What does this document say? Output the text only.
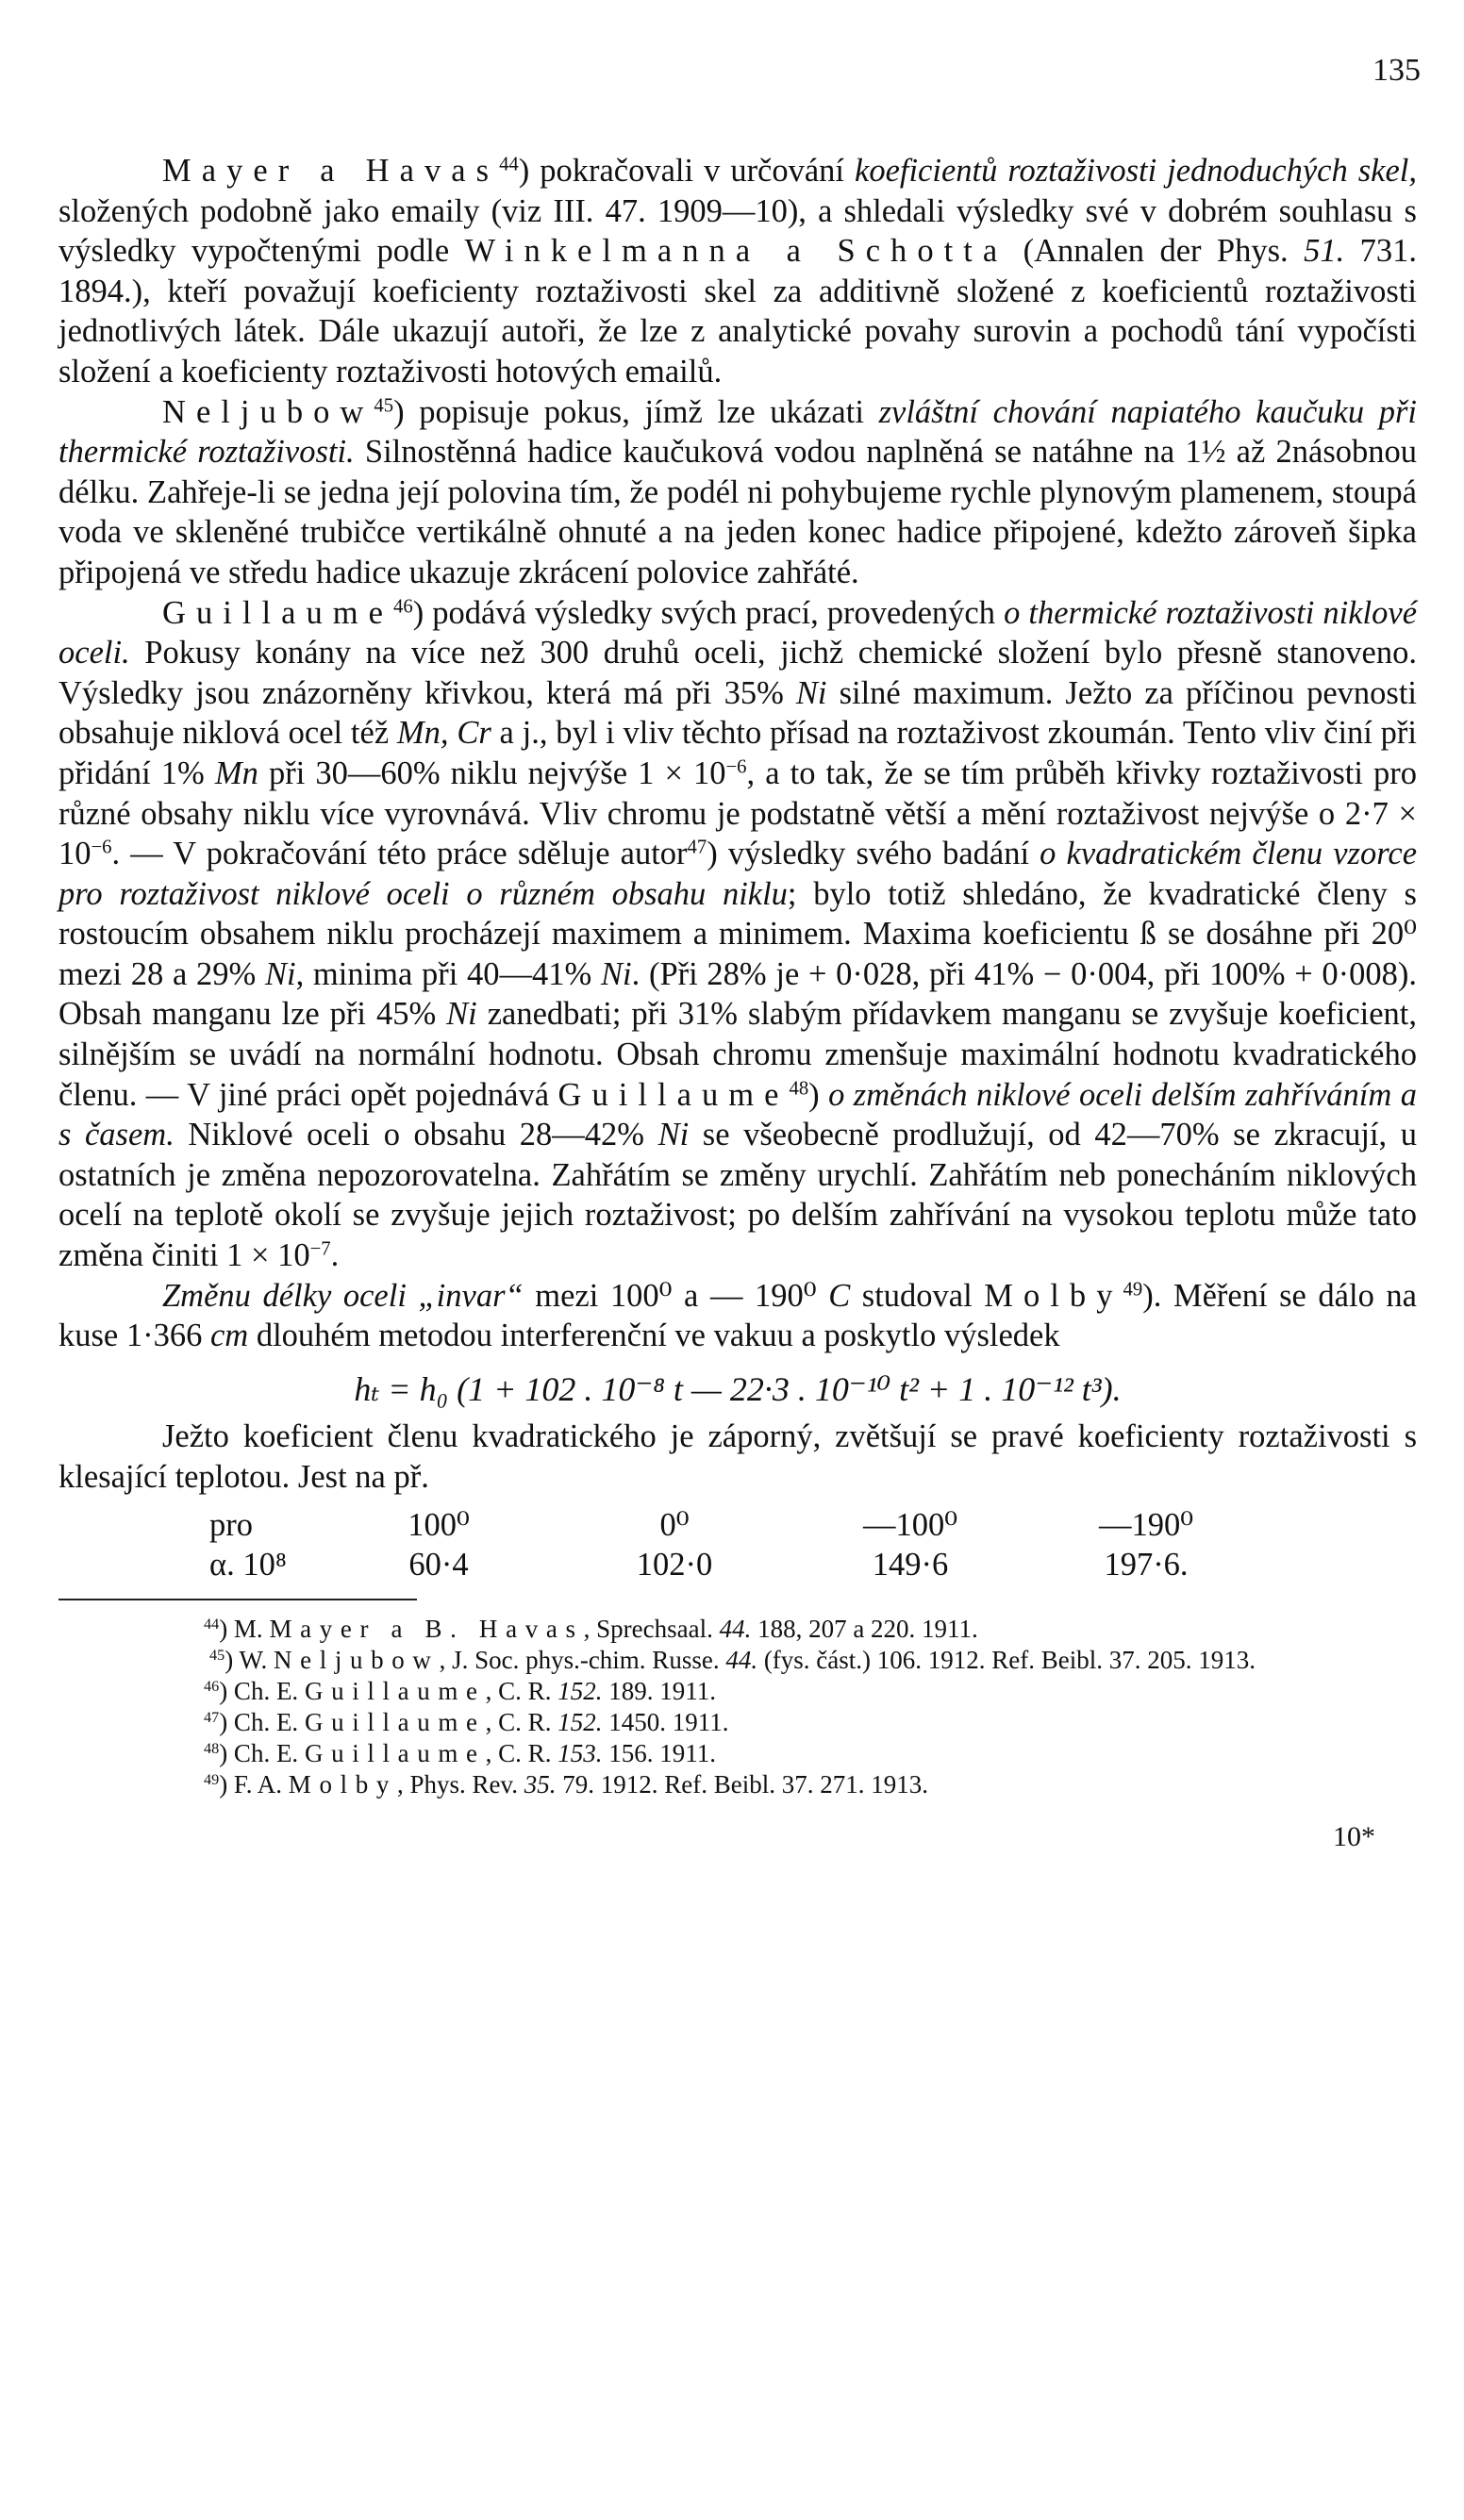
135

Mayer a Havas$^{44}$) pokračovali v určování koeficientů roztaživosti jednoduchých skel, složených podobně jako emaily (viz III. 47. 1909—10), a shledali výsledky své v dobrém souhlasu s výsledky vypočtenými podle Winkelmanna a Schotta (Annalen der Phys. 51. 731. 1894.), kteří považují koeficienty roztaživosti skel za additivně složené z koeficientů roztaživosti jednotlivých látek. Dále ukazují autoři, že lze z analytické povahy surovin a pochodů tání vypočísti složení a koeficienty roztaživosti hotových emailů.

Neljubow$^{45}$) popisuje pokus, jímž lze ukázati zvláštní chování napiatého kaučuku při thermické roztaživosti. Silnostěnná hadice kaučuková vodou naplněná se natáhne na 1½ až 2násobnou délku. Zahřeje-li se jedna její polovina tím, že podél ni pohybujeme rychle plynovým plamenem, stoupá voda ve skleněné trubičce vertikálně ohnuté a na jeden konec hadice připojené, kdežto zároveň šipka připojená ve středu hadice ukazuje zkrácení polovice zahřáté.

Guillaume$^{46}$) podává výsledky svých prací, provedených o thermické roztaživosti niklové oceli. Pokusy konány na více než 300 druhů oceli, jichž chemické složení bylo přesně stanoveno. Výsledky jsou znázorněny křivkou, která má při 35% Ni silné maximum. Ježto za příčinou pevnosti obsahuje niklová ocel též Mn, Cr a j., byl i vliv těchto přísad na roztaživost zkoumán. Tento vliv činí při přidání 1% Mn při 30—60% niklu nejvýše $1 \times 10^{-6}$, a to tak, že se tím průběh křivky roztaživosti pro různé obsahy niklu více vyrovnává. Vliv chromu je podstatně větší a mění roztaživost nejvýše o $2\cdot 7 \times 10^{-6}$. — V pokračování této práce sděluje autor$^{47}$) výsledky svého badání o kvadratickém členu vzorce pro roztaživost niklové oceli o různém obsahu niklu; bylo totiž shledáno, že kvadratické členy s rostoucím obsahem niklu procházejí maximem a minimem. Maxima koeficientu ß se dosáhne při 20⁰ mezi 28 a 29% Ni, minima při 40—41% Ni. (Při 28% je + 0·028, při 41% − 0·004, při 100% + 0·008). Obsah manganu lze při 45% Ni zanedbati; při 31% slabým přídavkem manganu se zvyšuje koeficient, silnějším se uvádí na normální hodnotu. Obsah chromu zmenšuje maximální hodnotu kvadratického členu. — V jiné práci opět pojednává Guillaume$^{48}$) o změnách niklové oceli delším zahříváním a s časem. Niklové oceli o obsahu 28—42% Ni se všeobecně prodlužují, od 42—70% se zkracují, u ostatních je změna nepozorovatelna. Zahřátím se změny urychlí. Zahřátím neb ponecháním niklových ocelí na teplotě okolí se zvyšuje jejich roztaživost; po delším zahřívání na vysokou teplotu může tato změna činiti $1 \times 10^{-7}$.

Změnu délky oceli „invar“ mezi 100⁰ a — 190⁰ C studoval Molby$^{49}$). Měření se dálo na kuse 1·366 cm dlouhém metodou interferenční ve vakuu a poskytlo výsledek

hₜ = h₀ (1 + 102 . 10⁻⁸ t — 22·3 . 10⁻¹⁰ t² + 1 . 10⁻¹² t³).

Ježto koeficient členu kvadratického je záporný, zvětšují se pravé koeficienty roztaživosti s klesající teplotou. Jest na př.

pro	100⁰	0⁰	—100⁰	—190⁰
α. 10⁸	60·4	102·0	149·6	197·6.

$^{44}$) M. Mayer a B. Havas, Sprechsaal. 44. 188, 207 a 220. 1911.

$^{45}$) W. Neljubow, J. Soc. phys.-chim. Russe. 44. (fys. část.) 106. 1912. Ref. Beibl. 37. 205. 1913.

$^{46}$) Ch. E. Guillaume, C. R. 152. 189. 1911.

$^{47}$) Ch. E. Guillaume, C. R. 152. 1450. 1911.

$^{48}$) Ch. E. Guillaume, C. R. 153. 156. 1911.

$^{49}$) F. A. Molby, Phys. Rev. 35. 79. 1912. Ref. Beibl. 37. 271. 1913.

10*
